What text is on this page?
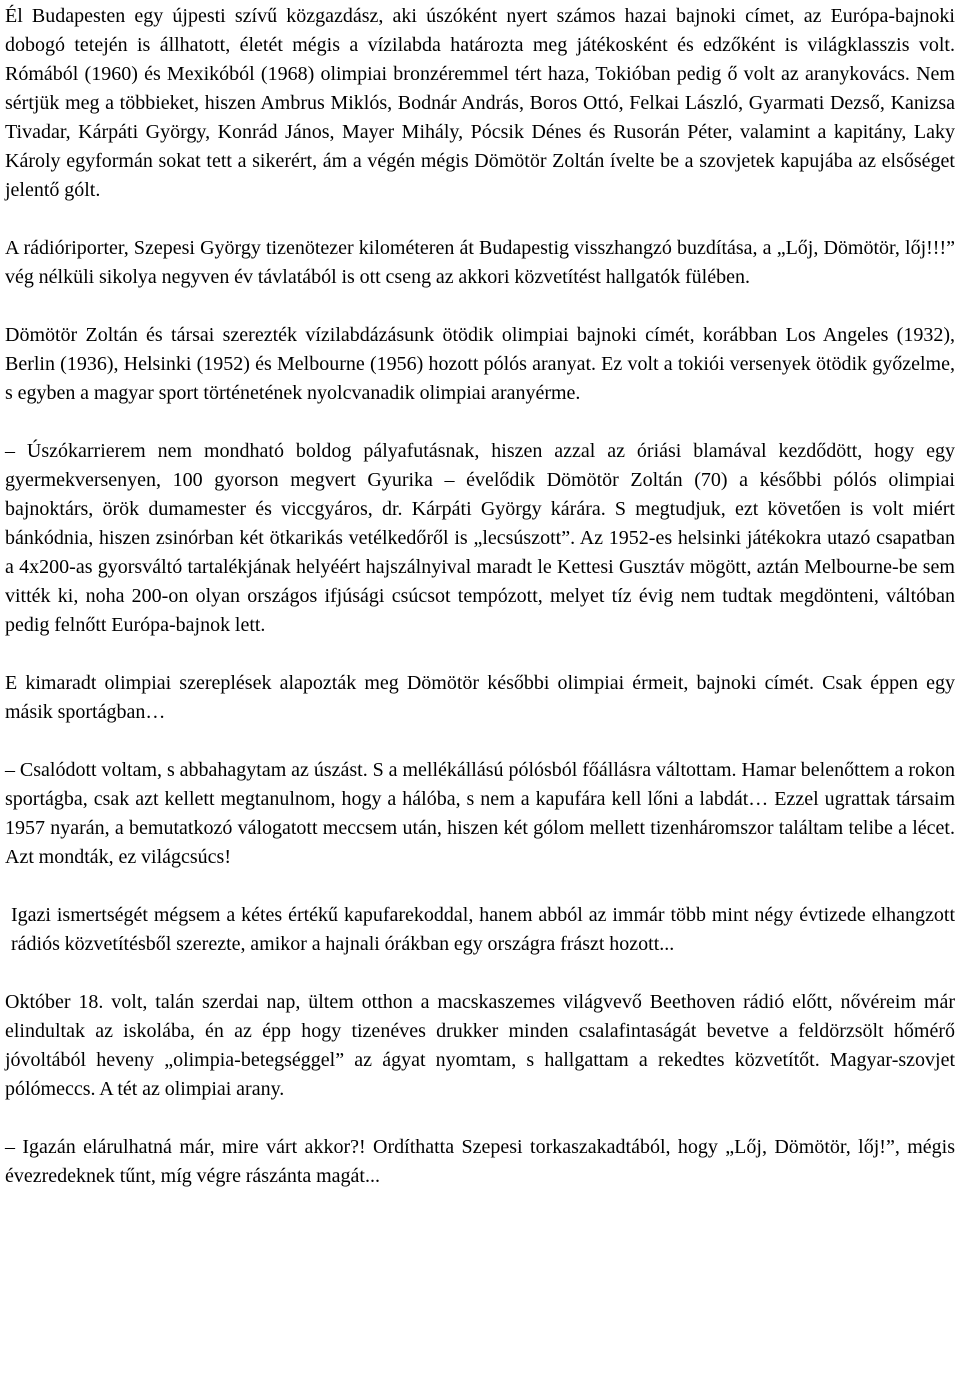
Él Budapesten egy újpesti szívű közgazdász, aki úszóként nyert számos hazai bajnoki címet, az Európa-bajnoki dobogó tetején is állhatott, életét mégis a vízilabda határozta meg játékosként és edzőként is világklasszis volt. Rómából (1960) és Mexikóból (1968) olimpiai bronzéremmel tért haza, Tokióban pedig ő volt az aranykovács. Nem sértjük meg a többieket, hiszen Ambrus Miklós, Bodnár András, Boros Ottó, Felkai László, Gyarmati Dezső, Kanizsa Tivadar, Kárpáti György, Konrád János, Mayer Mihály, Pócsik Dénes és Rusorán Péter, valamint a kapitány, Laky Károly egyformán sokat tett a sikerért, ám a végén mégis Dömötör Zoltán ívelte be a szovjetek kapujába az elsőséget jelentő gólt.

A rádióriporter, Szepesi György tizenötezer kilométeren át Budapestig visszhangzó buzdítása, a „Lőj, Dömötör, lőj!!!” vég nélküli sikolya negyven év távlatából is ott cseng az akkori közvetítést hallgatók fülében.

Dömötör Zoltán és társai szerezték vízilabdázásunk ötödik olimpiai bajnoki címét, korábban Los Angeles (1932), Berlin (1936), Helsinki (1952) és Melbourne (1956) hozott pólós aranyat. Ez volt a tokiói versenyek ötödik győzelme, s egyben a magyar sport történetének nyolcvanadik olimpiai aranyérme.

– Úszókarrierem nem mondható boldog pályafutásnak, hiszen azzal az óriási blamával kezdődött, hogy egy gyermekversenyen, 100 gyorson megvert Gyurika – évelődik Dömötör Zoltán (70) a későbbi pólós olimpiai bajnoktárs, örök dumamester és viccgyáros, dr. Kárpáti György kárára. S megtudjuk, ezt követően is volt miért bánkódnia, hiszen zsinórban két ötkarikás vetélkedőről is „lecsúszott”. Az 1952-es helsinki játékokra utazó csapatban a 4x200-as gyorsváltó tartalékjának helyéért hajszálnyival maradt le Kettesi Gusztáv mögött, aztán Melbourne-be sem vitték ki, noha 200-on olyan országos ifjúsági csúcsot tempózott, melyet tíz évig nem tudtak megdönteni, váltóban pedig felnőtt Európa-bajnok lett.

E kimaradt olimpiai szereplések alapozták meg Dömötör későbbi olimpiai érmeit, bajnoki címét. Csak éppen egy másik sportágban…

– Csalódott voltam, s abbahagytam az úszást. S a mellékállású pólósból főállásra váltottam. Hamar belenőttem a rokon sportágba, csak azt kellett megtanulnom, hogy a hálóba, s nem a kapufára kell lőni a labdát… Ezzel ugrattak társaim 1957 nyarán, a bemutatkozó válogatott meccsem után, hiszen két gólom mellett tizenháromszor találtam telibe a lécet. Azt mondták, ez világcsúcs!

Igazi ismertségét mégsem a kétes értékű kapufarekoddal, hanem abból az immár több mint négy évtizede elhangzott rádiós közvetítésből szerezte, amikor a hajnali órákban egy országra frászt hozott...

Október 18. volt, talán szerdai nap, ültem otthon a macskaszemes világvevő Beethoven rádió előtt, nővéreim már elindultak az iskolába, én az épp hogy tizenéves drukker minden csalafintaságát bevetve a feldörzsölt hőmérő jóvoltából heveny „olimpia-betegséggel” az ágyat nyomtam, s hallgattam a rekedtes közvetítőt. Magyar-szovjet pólómeccs. A tét az olimpiai arany.

– Igazán elárulhatná már, mire várt akkor?! Ordíthatta Szepesi torkaszakadtából, hogy „Lőj, Dömötör, lőj!”, mégis évezredeknek tűnt, míg végre rászánta magát...
